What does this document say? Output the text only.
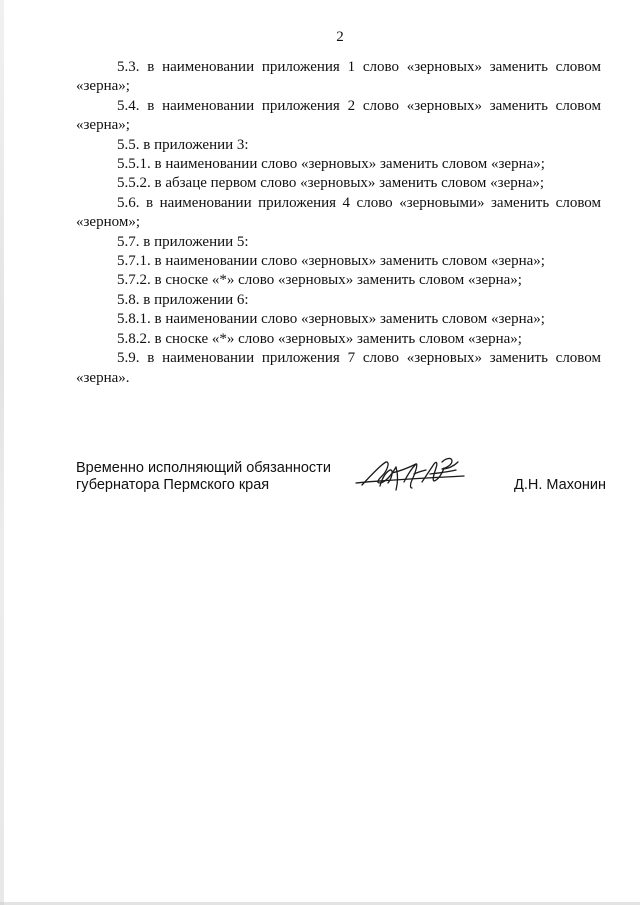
2

5.3. в наименовании приложения 1 слово «зерновых» заменить словом «зерна»;

5.4. в наименовании приложения 2 слово «зерновых» заменить словом «зерна»;

5.5. в приложении 3:

5.5.1. в наименовании слово «зерновых» заменить словом «зерна»;

5.5.2. в абзаце первом слово «зерновых» заменить словом «зерна»;

5.6. в наименовании приложения 4 слово «зерновыми» заменить словом «зерном»;

5.7. в приложении 5:

5.7.1. в наименовании слово «зерновых» заменить словом «зерна»;

5.7.2. в сноске «*» слово «зерновых» заменить словом «зерна»;

5.8. в приложении 6:

5.8.1. в наименовании слово «зерновых» заменить словом «зерна»;

5.8.2. в сноске «*» слово «зерновых» заменить словом «зерна»;

5.9. в наименовании приложения 7 слово «зерновых» заменить словом «зерна».

Временно исполняющий обязанности
губернатора Пермского края	Д.Н. Махонин
